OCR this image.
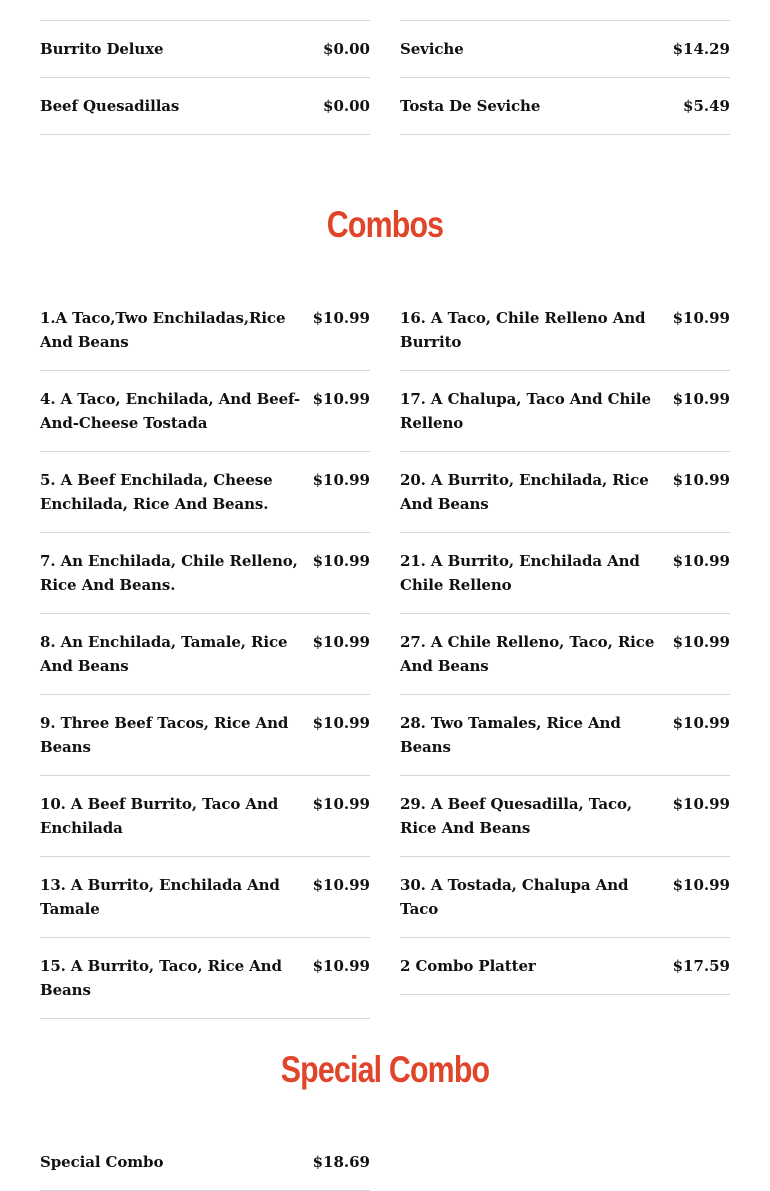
Burrito Deluxe	$0.00
Beef Quesadillas	$0.00
Seviche	$14.29
Tosta De Seviche	$5.49
Combos
1.A Taco,Two Enchiladas,Rice And Beans
$10.99
4. A Taco, Enchilada, And Beef-And-Cheese Tostada
$10.99
5. A Beef Enchilada, Cheese Enchilada, Rice And Beans.
$10.99
7. An Enchilada, Chile Relleno, Rice And Beans.
$10.99
8. An Enchilada, Tamale, Rice And Beans
$10.99
9. Three Beef Tacos, Rice And Beans
$10.99
10. A Beef Burrito, Taco And Enchilada
$10.99
13. A Burrito, Enchilada And Tamale
$10.99
15. A Burrito, Taco, Rice And Beans
$10.99
16. A Taco, Chile Relleno And Burrito
$10.99
17. A Chalupa, Taco And Chile Relleno
$10.99
20. A Burrito, Enchilada, Rice And Beans
$10.99
21. A Burrito, Enchilada And Chile Relleno
$10.99
27. A Chile Relleno, Taco, Rice And Beans
$10.99
28. Two Tamales, Rice And Beans
$10.99
29. A Beef Quesadilla, Taco, Rice And Beans
$10.99
30. A Tostada, Chalupa And Taco
$10.99
2 Combo Platter	$17.59
Special Combo
Special Combo	$18.69
